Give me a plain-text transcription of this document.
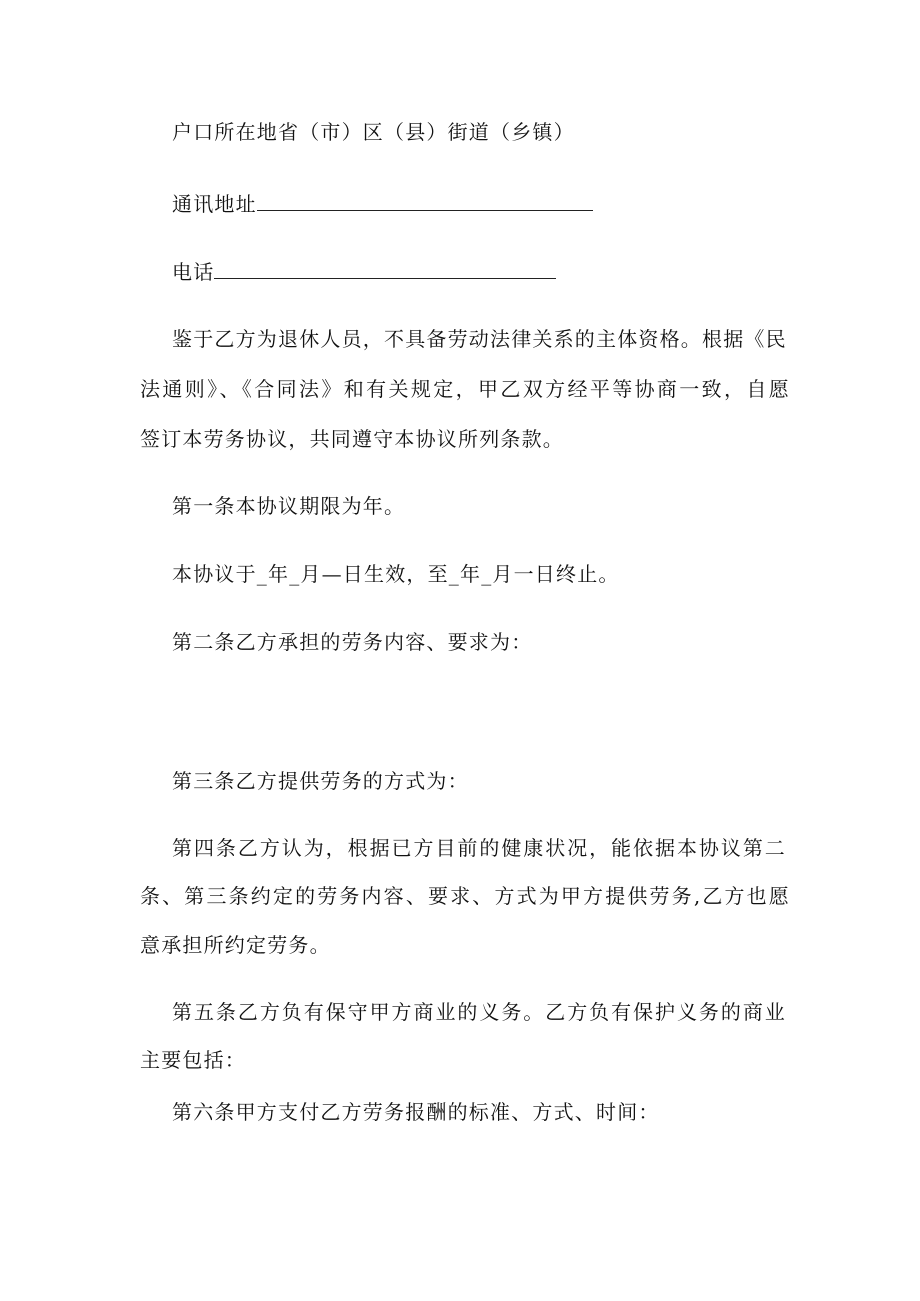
户口所在地省（市）区（县）街道（乡镇）
通讯地址
电话
鉴于乙方为退休人员，不具备劳动法律关系的主体资格。根据《民
法通则》、《合同法》和有关规定，甲乙双方经平等协商一致，自愿
签订本劳务协议，共同遵守本协议所列条款。
第一条本协议期限为年。
本协议于_年_月—日生效，至_年_月一日终止。
第二条乙方承担的劳务内容、要求为：
第三条乙方提供劳务的方式为：
第四条乙方认为，根据已方目前的健康状况，能依据本协议第二
条、第三条约定的劳务内容、要求、方式为甲方提供劳务,乙方也愿
意承担所约定劳务。
第五条乙方负有保守甲方商业的义务。乙方负有保护义务的商业
主要包括：
第六条甲方支付乙方劳务报酬的标准、方式、时间：
